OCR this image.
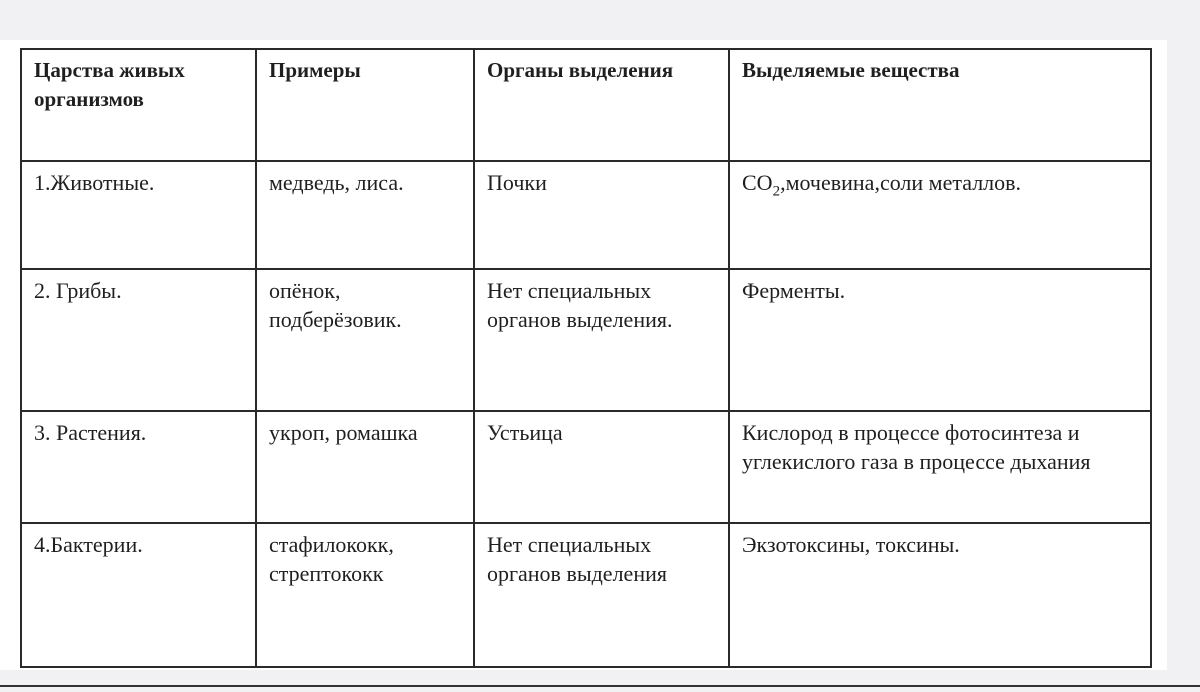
Царства живых организмов	Примеры	Органы выделения	Выделяемые вещества

1.Животные.	медведь, лиса.	Почки	$CO_2,мочевина,соли$ металлов.

2. Грибы.	опёнок, подберёзовик.	Нет специальных органов выделения.	Ферменты.

3. Растения.	укроп, ромашка	Устьица	Кислород в процессе фотосинтеза и углекислого газа в процессе дыхания

4.Бактерии.	стафилококк, стрептококк	Нет специальных органов выделения	Экзотоксины, токсины.
